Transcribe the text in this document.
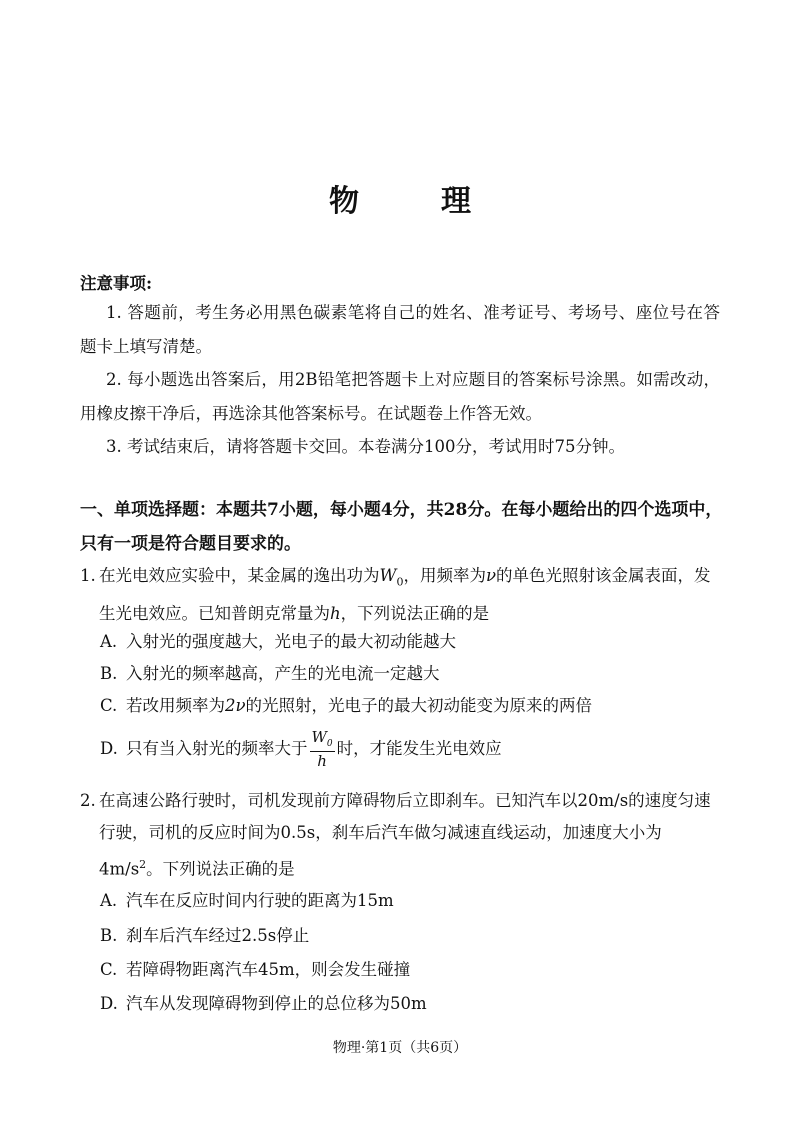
物　理
注意事项:
1. 答题前，考生务必用黑色碳素笔将自己的姓名、准考证号、考场号、座位号在答题卡上填写清楚。
2. 每小题选出答案后，用2B铅笔把答题卡上对应题目的答案标号涂黑。如需改动，用橡皮擦干净后，再选涂其他答案标号。在试题卷上作答无效。
3. 考试结束后，请将答题卡交回。本卷满分100分，考试用时75分钟。
一、单项选择题：本题共7小题，每小题4分，共28分。在每小题给出的四个选项中，只有一项是符合题目要求的。
1. 在光电效应实验中，某金属的逸出功为$W_0$，用频率为ν的单色光照射该金属表面，发生光电效应。已知普朗克常量为h，下列说法正确的是
A. 入射光的强度越大，光电子的最大初动能越大
B. 入射光的频率越高，产生的光电流一定越大
C. 若改用频率为2ν的光照射，光电子的最大初动能变为原来的两倍
D. 只有当入射光的频率大于 $\frac{W_0}{h}$ 时，才能发生光电效应
2. 在高速公路行驶时，司机发现前方障碍物后立即刹车。已知汽车以20m/s的速度匀速行驶，司机的反应时间为0.5s，刹车后汽车做匀减速直线运动，加速度大小为$4m/s^2$。下列说法正确的是
A. 汽车在反应时间内行驶的距离为15m
B. 刹车后汽车经过2.5s停止
C. 若障碍物距离汽车45m，则会发生碰撞
D. 汽车从发现障碍物到停止的总位移为50m
物理·第1页（共6页）
